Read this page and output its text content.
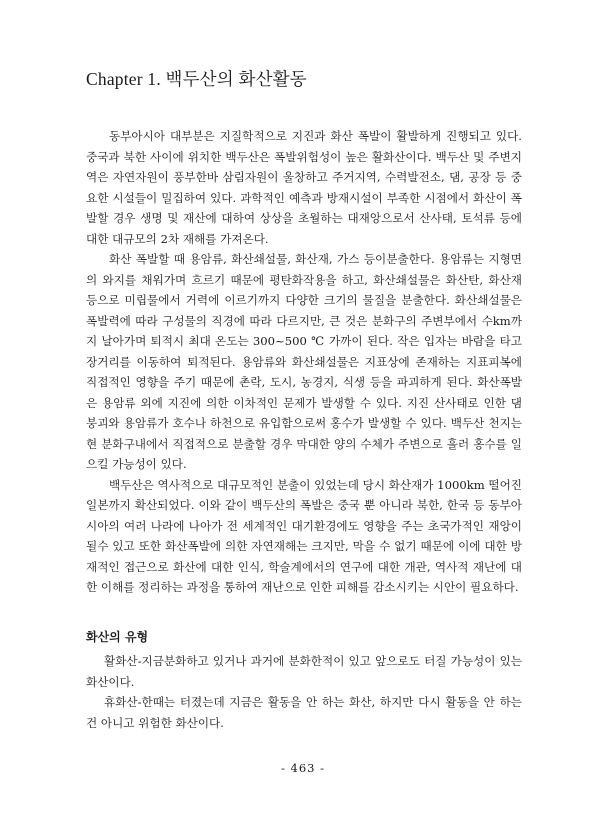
Chapter 1. 백두산의 화산활동

동부아시아 대부분은 지질학적으로 지진과 화산 폭발이 활발하게 진행되고 있다. 중국과 북한 사이에 위치한 백두산은 폭발위험성이 높은 활화산이다. 백두산 및 주변지역은 자연자원이 풍부한바 삼림자원이 울창하고 주거지역, 수력발전소, 댐, 공장 등 중요한 시설들이 밀집하여 있다. 과학적인 예측과 방재시설이 부족한 시점에서 화산이 폭발할 경우 생명 및 재산에 대하여 상상을 초월하는 대재앙으로서 산사태, 토석류 등에 대한 대규모의 2차 재해를 가져온다.

화산 폭발할 때 용암류, 화산쇄설물, 화산재, 가스 등이분출한다. 용암류는 지형면의 와지를 채워가며 흐르기 때문에 평탄화작용을 하고, 화산쇄설물은 화산탄, 화산재 등으로 미립물에서 거력에 이르기까지 다양한 크기의 물질을 분출한다. 화산쇄설물은 폭발력에 따라 구성물의 직경에 따라 다르지만, 큰 것은 분화구의 주변부에서 수km까지 날아가며 퇴적시 최대 온도는 300~500 ℃ 가까이 된다. 작은 입자는 바람을 타고 장거리를 이동하여 퇴적된다. 용암류와 화산쇄설물은 지표상에 존재하는 지표피복에 직접적인 영향을 주기 때문에 촌락, 도시, 농경지, 식생 등을 파괴하게 된다. 화산폭발은 용암류 외에 지진에 의한 이차적인 문제가 발생할 수 있다. 지진 산사태로 인한 댐 붕괴와 용암류가 호수나 하천으로 유입함으로써 홍수가 발생할 수 있다. 백두산 천지는 현 분화구내에서 직접적으로 분출할 경우 막대한 양의 수체가 주변으로 흘러 홍수를 일으킬 가능성이 있다.

백두산은 역사적으로 대규모적인 분출이 있었는데 당시 화산재가 1000km 떨어진 일본까지 확산되었다. 이와 같이 백두산의 폭발은 중국 뿐 아니라 북한, 한국 등 동부아시아의 여러 나라에 나아가 전 세계적인 대기환경에도 영향을 주는 초국가적인 재앙이 될수 있고 또한 화산폭발에 의한 자연재해는 크지만, 막을 수 없기 때문에 이에 대한 방재적인 접근으로 화산에 대한 인식, 학술계에서의 연구에 대한 개관, 역사적 재난에 대한 이해를 정리하는 과정을 통하여 재난으로 인한 피해를 감소시키는 시안이 필요하다.

화산의 유형

활화산-지금분화하고 있거나 과거에 분화한적이 있고 앞으로도 터질 가능성이 있는 화산이다.

휴화산-한때는 터졌는데 지금은 활동을 안 하는 화산, 하지만 다시 활동을 안 하는 건 아니고 위험한 화산이다.

- 463 -
